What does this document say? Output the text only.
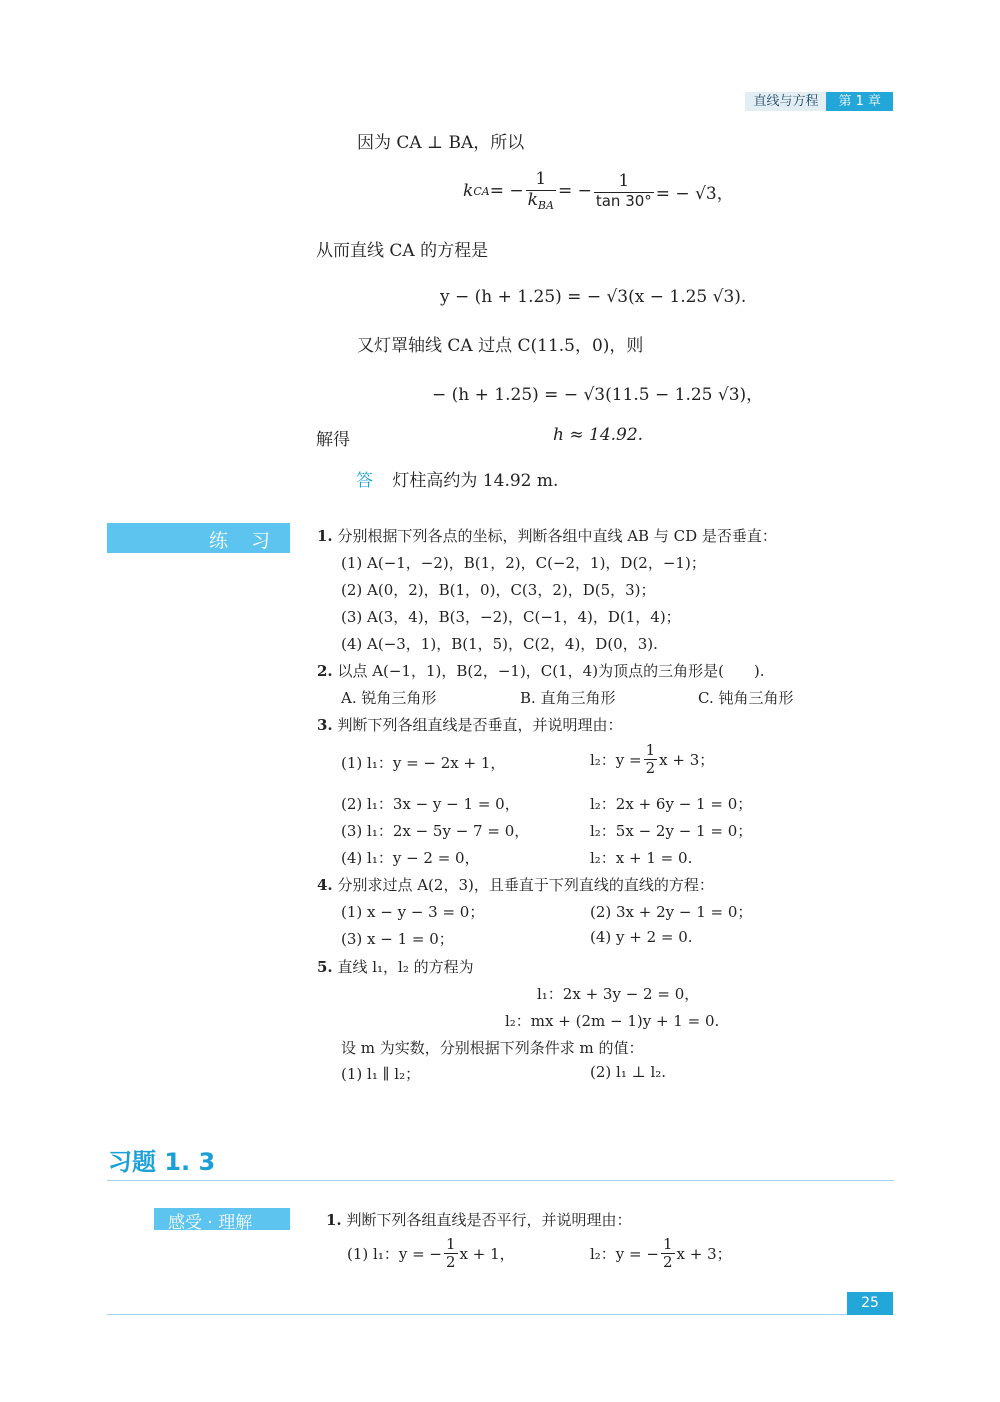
直线与方程	第 1 章
因为 CA ⊥ BA，所以
k CA = − $\frac{1}{k_{BA}}$ = − $\frac{1}{\tan 30^\circ}$ = − √3，
从而直线 CA 的方程是
y − (h + 1.25) = − √3(x − 1.25 √3).
又灯罩轴线 CA 过点 C(11.5，0)，则
− (h + 1.25) = − √3(11.5 − 1.25 √3)，
解得	h ≈ 14.92.
答 灯柱高约为 14.92 m.
练　习	1. 分别根据下列各点的坐标，判断各组中直线 AB 与 CD 是否垂直：
(1) A(−1，−2)，B(1，2)，C(−2，1)，D(2，−1)；
(2) A(0，2)，B(1，0)，C(3，2)，D(5，3)；
(3) A(3，4)，B(3，−2)，C(−1，4)，D(1，4)；
(4) A(−3，1)，B(1，5)，C(2，4)，D(0，3).
2. 以点 A(−1，1)，B(2，−1)，C(1，4)为顶点的三角形是(　　).
A. 锐角三角形	B. 直角三角形	C. 钝角三角形
3. 判断下列各组直线是否垂直，并说明理由：
(1) l₁：y = − 2x + 1，	l₂：$y = \frac{1}{2}$ x + 3；
(2) l₁：3x − y − 1 = 0，	l₂：2x + 6y − 1 = 0；
(3) l₁：2x − 5y − 7 = 0，	l₂：5x − 2y − 1 = 0；
(4) l₁：y − 2 = 0，	l₂：x + 1 = 0.
4. 分别求过点 A(2，3)，且垂直于下列直线的直线的方程：
(1) x − y − 3 = 0；	(2) 3x + 2y − 1 = 0；
(3) x − 1 = 0；	(4) y + 2 = 0.
5. 直线 l₁，l₂ 的方程为
l₁：2x + 3y − 2 = 0，
l₂：mx + (2m − 1)y + 1 = 0.
设 m 为实数，分别根据下列条件求 m 的值：
(1) l₁ ∥ l₂；	(2) l₁ ⊥ l₂.
习题 1. 3
感受 · 理解	1. 判断下列各组直线是否平行，并说明理由：
(1) l₁：y = − $\frac{1}{2}$ x + 1，	l₂：y = − $\frac{1}{2}$ x + 3；
25
